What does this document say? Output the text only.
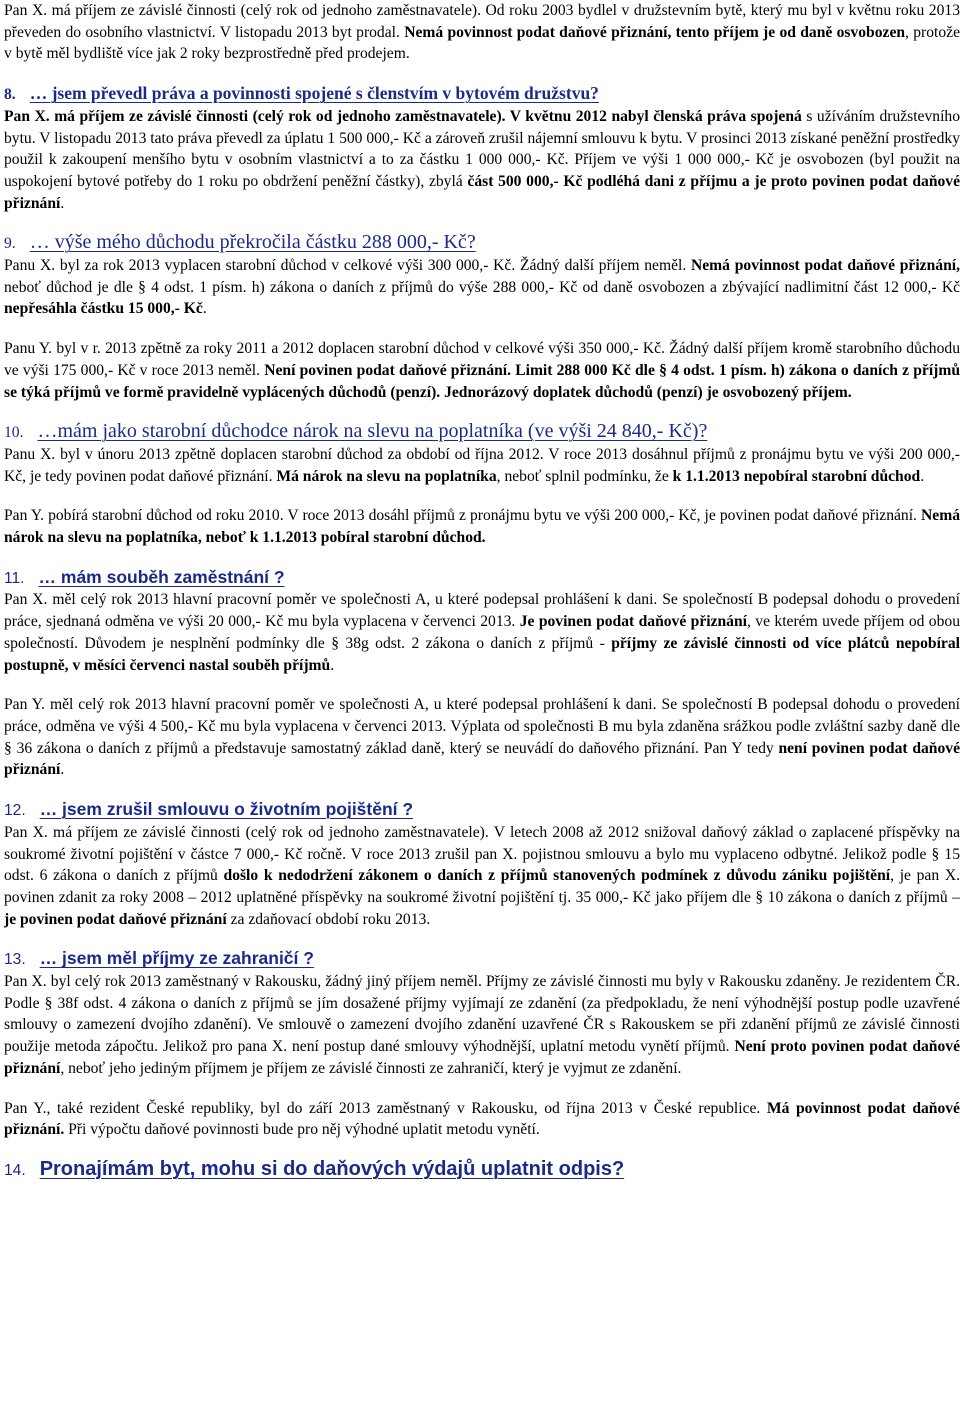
Pan X. má příjem ze závislé činnosti (celý rok od jednoho zaměstnavatele). Od roku 2003 bydlel v družstevním bytě, který mu byl v květnu roku 2013 převeden do osobního vlastnictví. V listopadu 2013 byt prodal. Nemá povinnost podat daňové přiznání, tento příjem je od daně osvobozen, protože v bytě měl bydliště více jak 2 roky bezprostředně před prodejem.

8. … jsem převedl práva a povinnosti spojené s členstvím v bytovém družstvu?

Pan X. má příjem ze závislé činnosti (celý rok od jednoho zaměstnavatele). V květnu 2012 nabyl členská práva spojená s užíváním družstevního bytu. V listopadu 2013 tato práva převedl za úplatu 1 500 000,- Kč a zároveň zrušil nájemní smlouvu k bytu. V prosinci 2013 získané peněžní prostředky použil k zakoupení menšího bytu v osobním vlastnictví a to za částku 1 000 000,- Kč. Příjem ve výši 1 000 000,- Kč je osvobozen (byl použit na uspokojení bytové potřeby do 1 roku po obdržení peněžní částky), zbylá část 500 000,- Kč podléhá dani z příjmu a je proto povinen podat daňové přiznání.

9. … výše mého důchodu překročila částku 288 000,- Kč?

Panu X. byl za rok 2013 vyplacen starobní důchod v celkové výši 300 000,- Kč. Žádný další příjem neměl. Nemá povinnost podat daňové přiznání, neboť důchod je dle § 4 odst. 1 písm. h) zákona o daních z příjmů do výše 288 000,- Kč od daně osvobozen a zbývající nadlimitní část 12 000,- Kč nepřesáhla částku 15 000,- Kč.

Panu Y. byl v r. 2013 zpětně za roky 2011 a 2012 doplacen starobní důchod v celkové výši 350 000,- Kč. Žádný další příjem kromě starobního důchodu ve výši 175 000,- Kč v roce 2013 neměl. Není povinen podat daňové přiznání. Limit 288 000 Kč dle § 4 odst. 1 písm. h) zákona o daních z příjmů se týká příjmů ve formě pravidelně vyplácených důchodů (penzí). Jednorázový doplatek důchodů (penzí) je osvobozený příjem.

10. …mám jako starobní důchodce nárok na slevu na poplatníka (ve výši 24 840,- Kč)?

Panu X. byl v únoru 2013 zpětně doplacen starobní důchod za období od října 2012. V roce 2013 dosáhnul příjmů z pronájmu bytu ve výši 200 000,- Kč, je tedy povinen podat daňové přiznání. Má nárok na slevu na poplatníka, neboť splnil podmínku, že k 1.1.2013 nepobíral starobní důchod.

Pan Y. pobírá starobní důchod od roku 2010. V roce 2013 dosáhl příjmů z pronájmu bytu ve výši 200 000,- Kč, je povinen podat daňové přiznání. Nemá nárok na slevu na poplatníka, neboť k 1.1.2013 pobíral starobní důchod.

11. … mám souběh zaměstnání ?

Pan X. měl celý rok 2013 hlavní pracovní poměr ve společnosti A, u které podepsal prohlášení k dani. Se společností B podepsal dohodu o provedení práce, sjednaná odměna ve výši 20 000,- Kč mu byla vyplacena v červenci 2013. Je povinen podat daňové přiznání, ve kterém uvede příjem od obou společností. Důvodem je nesplnění podmínky dle § 38g odst. 2 zákona o daních z příjmů - příjmy ze závislé činnosti od více plátců nepobíral postupně, v měsíci červenci nastal souběh příjmů.

Pan Y. měl celý rok 2013 hlavní pracovní poměr ve společnosti A, u které podepsal prohlášení k dani. Se společností B podepsal dohodu o provedení práce, odměna ve výši 4 500,- Kč mu byla vyplacena v červenci 2013. Výplata od společnosti B mu byla zdaněna srážkou podle zvláštní sazby daně dle § 36 zákona o daních z příjmů a představuje samostatný základ daně, který se neuvádí do daňového přiznání. Pan Y tedy není povinen podat daňové přiznání.

12. … jsem zrušil smlouvu o životním pojištění ?

Pan X. má příjem ze závislé činnosti (celý rok od jednoho zaměstnavatele). V letech 2008 až 2012 snižoval daňový základ o zaplacené příspěvky na soukromé životní pojištění v částce 7 000,- Kč ročně. V roce 2013 zrušil pan X. pojistnou smlouvu a bylo mu vyplaceno odbytné. Jelikož podle § 15 odst. 6 zákona o daních z příjmů došlo k nedodržení zákonem o daních z příjmů stanovených podmínek z důvodu zániku pojištění, je pan X. povinen zdanit za roky 2008 – 2012 uplatněné příspěvky na soukromé životní pojištění tj. 35 000,- Kč jako příjem dle § 10 zákona o daních z příjmů – je povinen podat daňové přiznání za zdaňovací období roku 2013.

13. … jsem měl příjmy ze zahraničí ?

Pan X. byl celý rok 2013 zaměstnaný v Rakousku, žádný jiný příjem neměl. Příjmy ze závislé činnosti mu byly v Rakousku zdaněny. Je rezidentem ČR. Podle § 38f odst. 4 zákona o daních z příjmů se jím dosažené příjmy vyjímají ze zdanění (za předpokladu, že není výhodnější postup podle uzavřené smlouvy o zamezení dvojího zdanění). Ve smlouvě o zamezení dvojího zdanění uzavřené ČR s Rakouskem se při zdanění příjmů ze závislé činnosti použije metoda zápočtu. Jelikož pro pana X. není postup dané smlouvy výhodnější, uplatní metodu vynětí příjmů. Není proto povinen podat daňové přiznání, neboť jeho jediným příjmem je příjem ze závislé činnosti ze zahraničí, který je vyjmut ze zdanění.

Pan Y., také rezident České republiky, byl do září 2013 zaměstnaný v Rakousku, od října 2013 v České republice. Má povinnost podat daňové přiznání. Při výpočtu daňové povinnosti bude pro něj výhodné uplatit metodu vynětí.

14. Pronajímám byt, mohu si do daňových výdajů uplatnit odpis?
